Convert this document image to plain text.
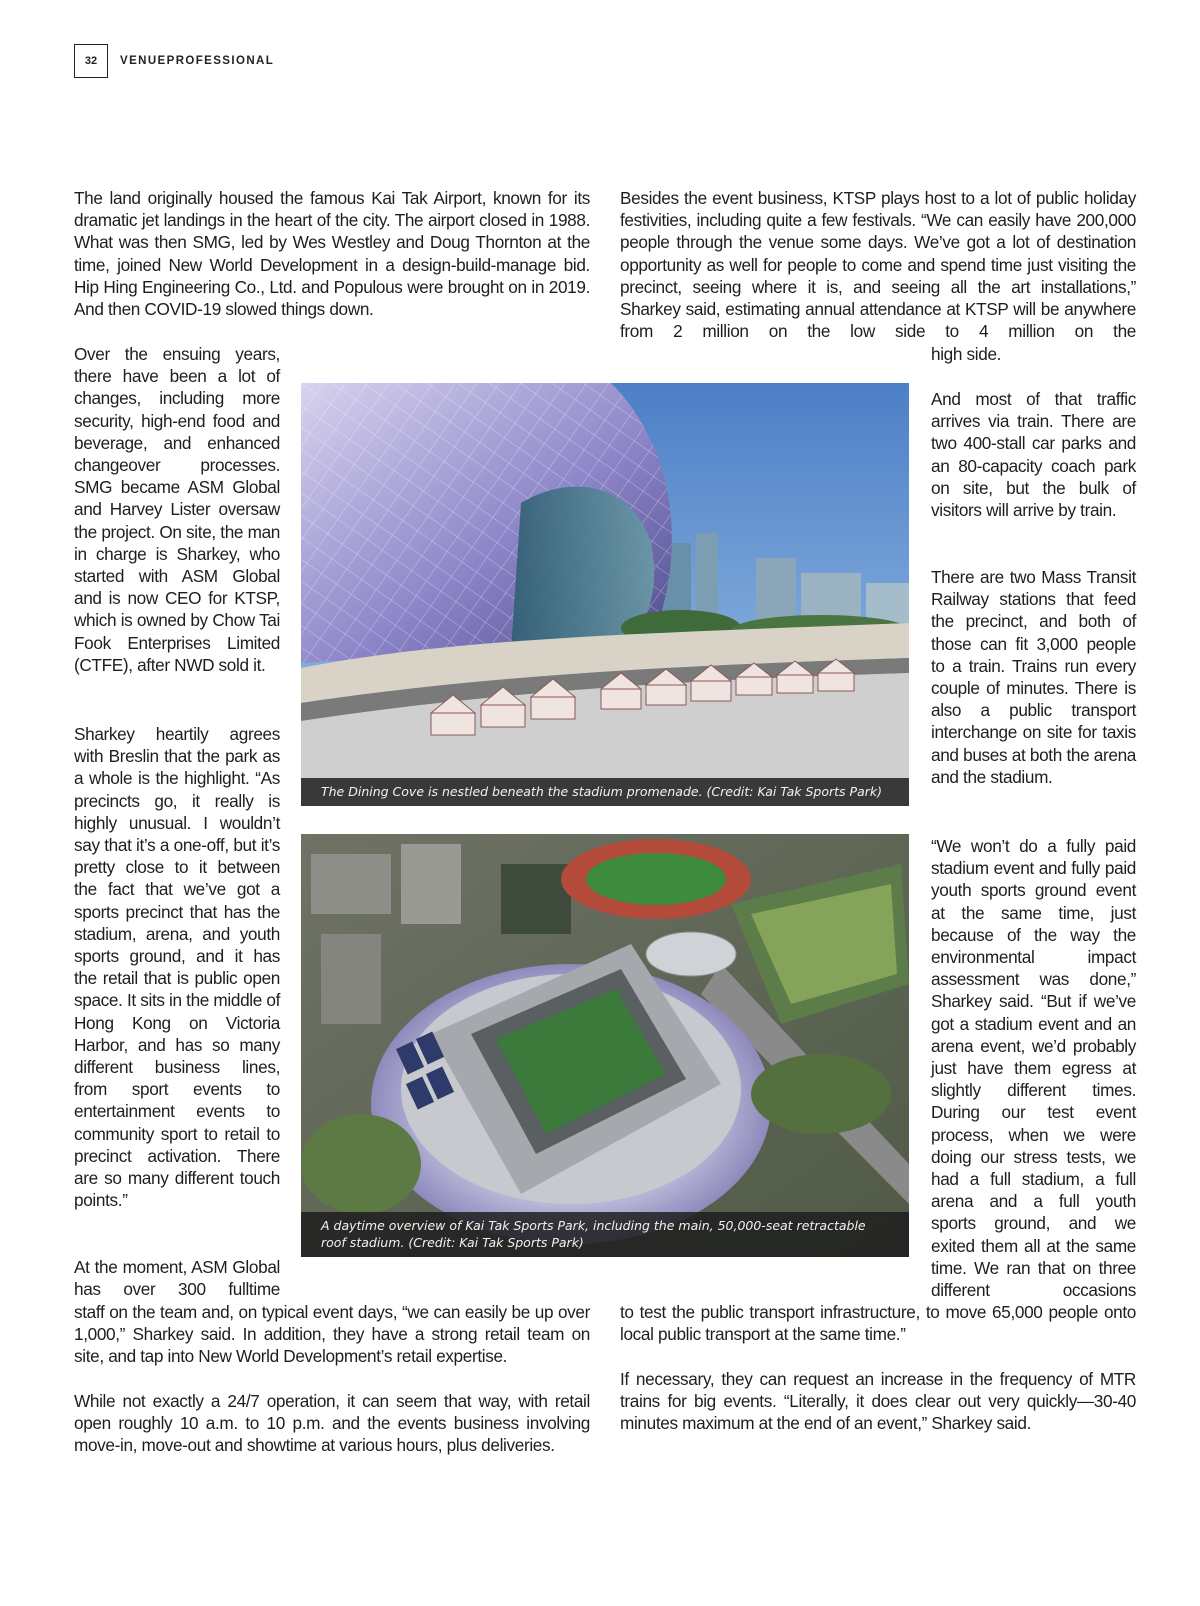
32	VENUEPROFESSIONAL

The land originally housed the famous Kai Tak Airport, known for its dramatic jet landings in the heart of the city. The airport closed in 1988. What was then SMG, led by Wes Westley and Doug Thornton at the time, joined New World Development in a design-build-manage bid. Hip Hing Engineering Co., Ltd. and Populous were brought on in 2019. And then COVID-19 slowed things down.

Over the ensuing years, there have been a lot of changes, including more security, high-end food and beverage, and enhanced changeover processes. SMG became ASM Global and Harvey Lister oversaw the project. On site, the man in charge is Sharkey, who started with ASM Global and is now CEO for KTSP, which is owned by Chow Tai Fook Enterprises Limited (CTFE), after NWD sold it.

Sharkey heartily agrees with Breslin that the park as a whole is the highlight. “As precincts go, it really is highly unusual. I wouldn’t say that it’s a one-off, but it’s pretty close to it between the fact that we’ve got a sports precinct that has the stadium, arena, and youth sports ground, and it has the retail that is public open space. It sits in the middle of Hong Kong on Victoria Harbor, and has so many different business lines, from sport events to entertainment events to community sport to retail to precinct activation. There are so many different touch points.”

At the moment, ASM Global has over 300 fulltime

staff on the team and, on typical event days, “we can easily be up over 1,000,” Sharkey said. In addition, they have a strong retail team on site, and tap into New World Development’s retail expertise.

While not exactly a 24/7 operation, it can seem that way, with retail open roughly 10 a.m. to 10 p.m. and the events business involving move-in, move-out and showtime at various hours, plus deliveries.

Besides the event business, KTSP plays host to a lot of public holiday festivities, including quite a few festivals. “We can easily have 200,000 people through the venue some days. We’ve got a lot of destination opportunity as well for people to come and spend time just visiting the precinct, seeing where it is, and seeing all the art installations,” Sharkey said, estimating annual attendance at KTSP will be anywhere from 2 million on the low side to 4 million on the

high side.

And most of that traffic arrives via train. There are two 400-stall car parks and an 80-capacity coach park on site, but the bulk of visitors will arrive by train.

There are two Mass Transit Railway stations that feed the precinct, and both of those can fit 3,000 people to a train. Trains run every couple of minutes. There is also a public transport interchange on site for taxis and buses at both the arena and the stadium.

“We won’t do a fully paid stadium event and fully paid youth sports ground event at the same time, just because of the way the environmental impact assessment was done,” Sharkey said. “But if we’ve got a stadium event and an arena event, we’d probably just have them egress at slightly different times. During our test event process, when we were doing our stress tests, we had a full stadium, a full arena and a full youth sports ground, and we exited them all at the same time. We ran that on three different occasions

to test the public transport infrastructure, to move 65,000 people onto local public transport at the same time.”

If necessary, they can request an increase in the frequency of MTR trains for big events. “Literally, it does clear out very quickly—30-40 minutes maximum at the end of an event,” Sharkey said.

The Dining Cove is nestled beneath the stadium promenade. (Credit: Kai Tak Sports Park)
A daytime overview of Kai Tak Sports Park, including the main, 50,000-seat retractable roof stadium. (Credit: Kai Tak Sports Park)
